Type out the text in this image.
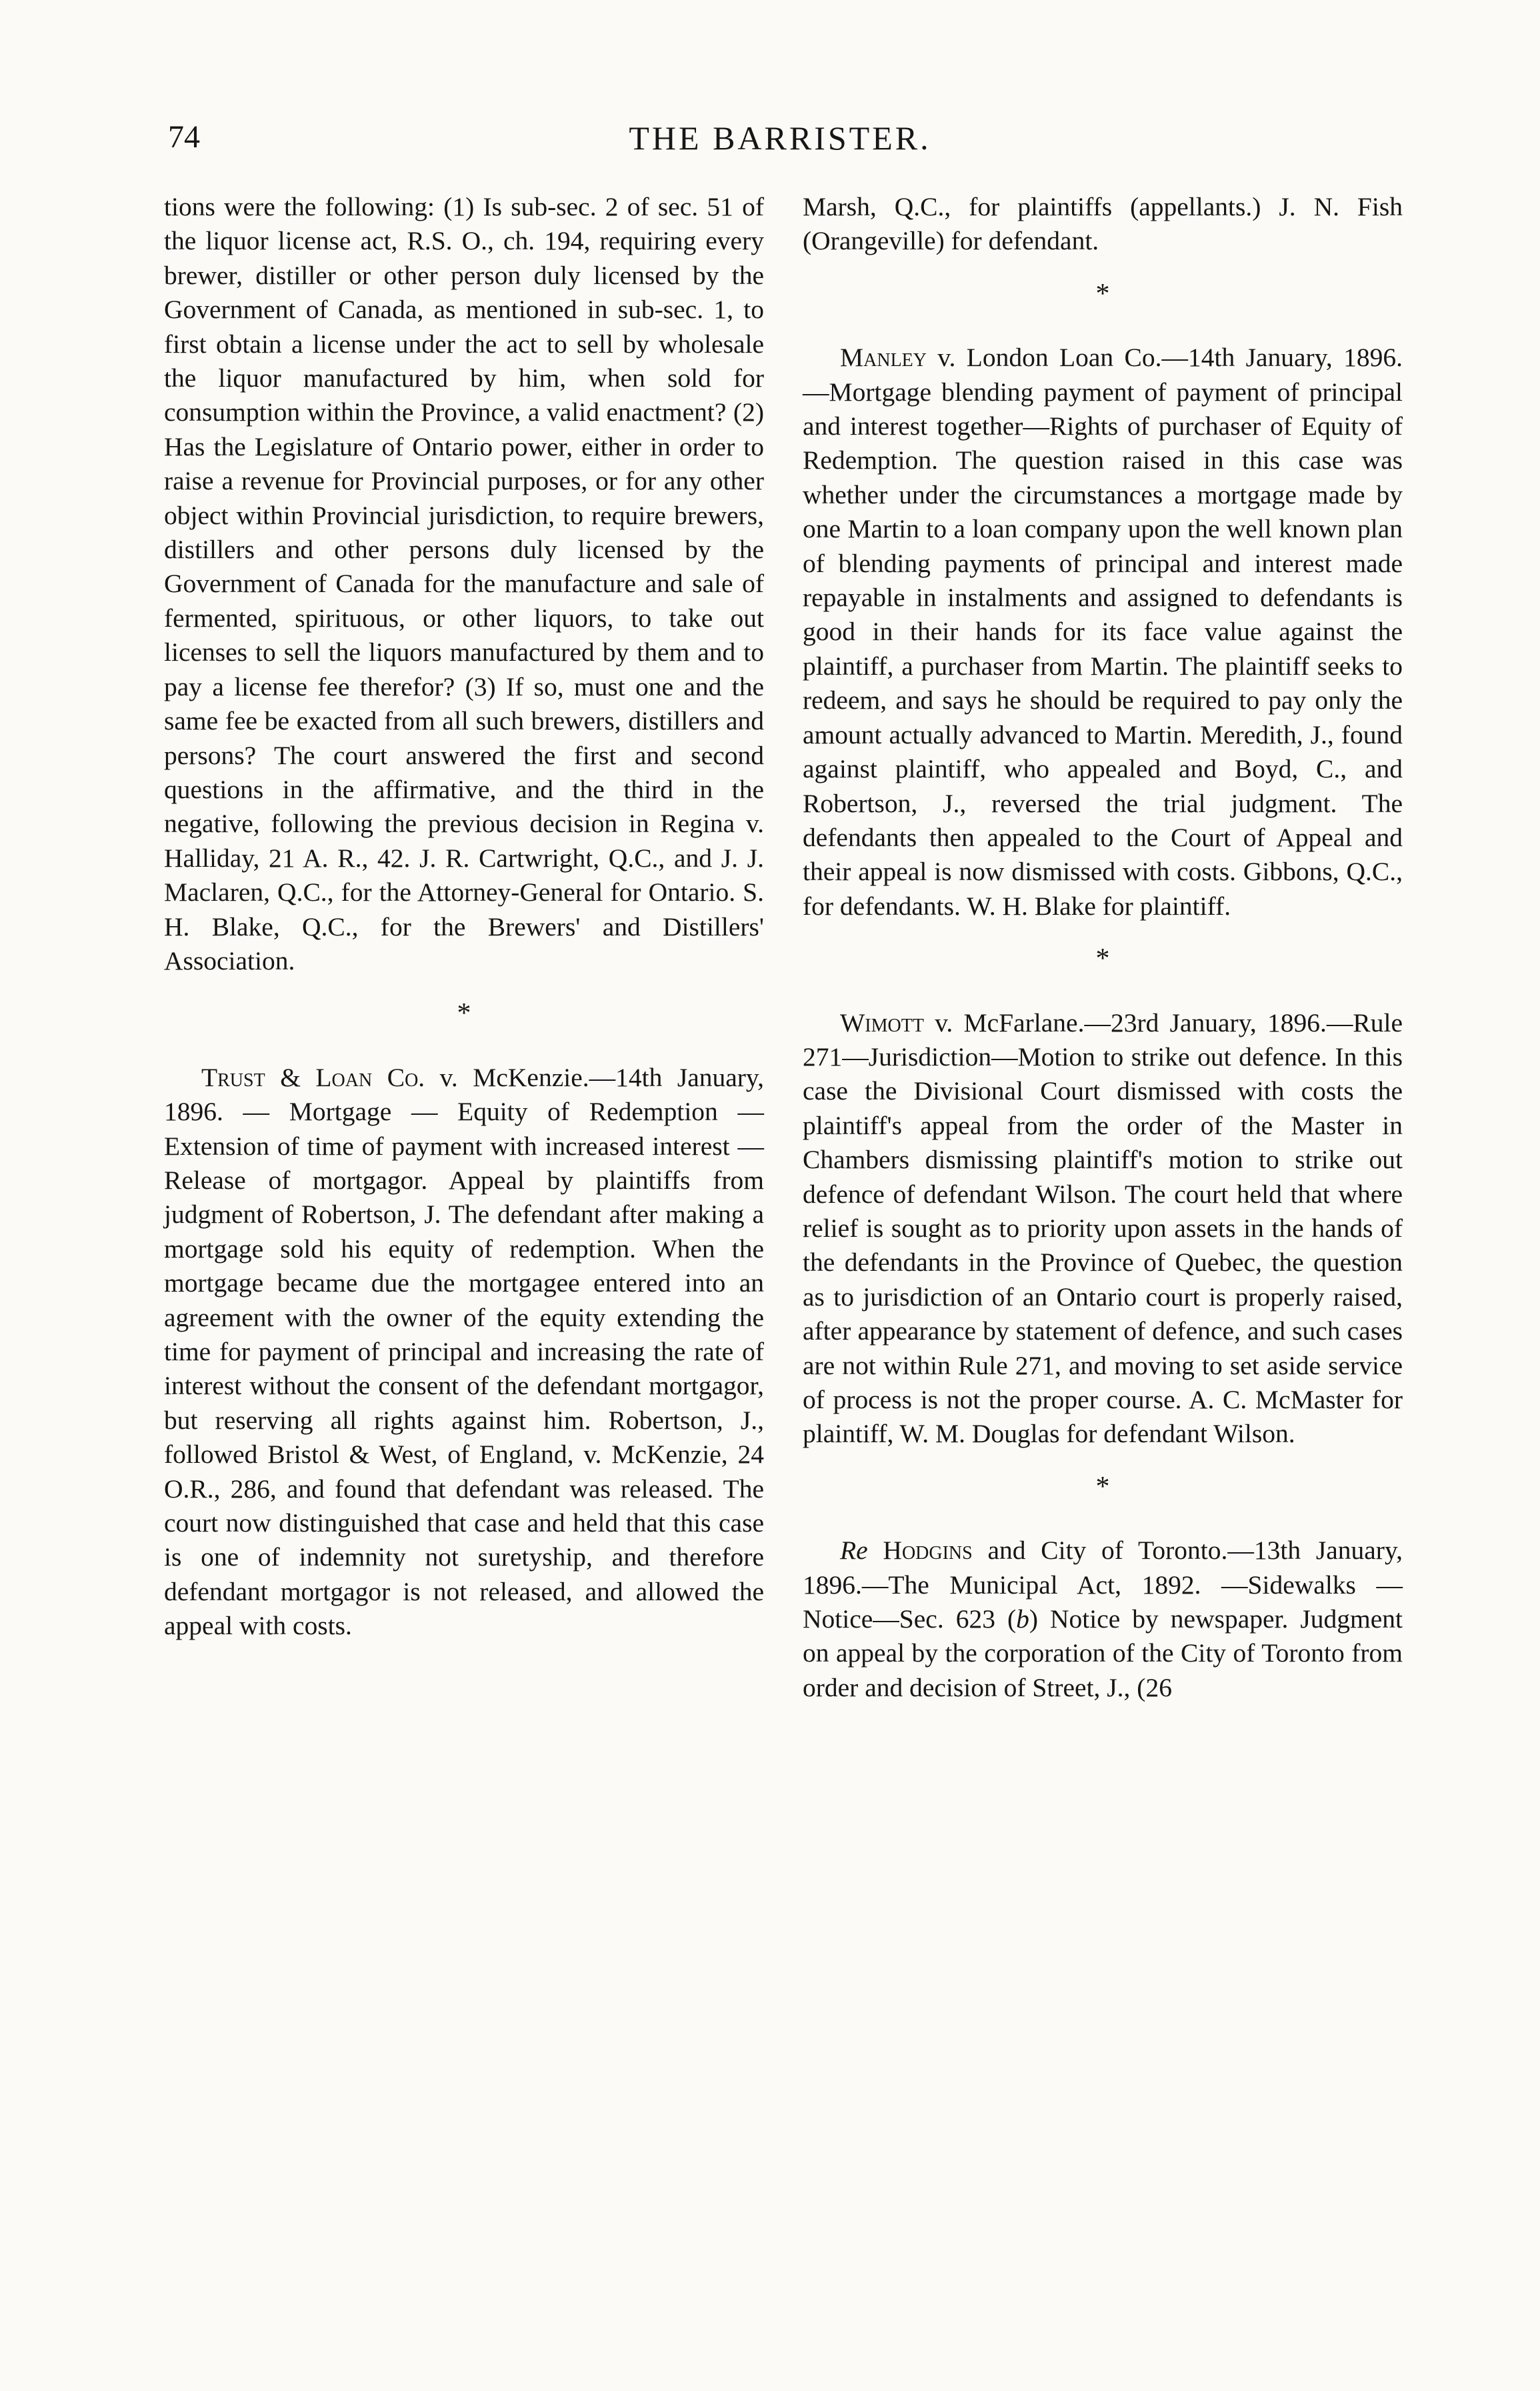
74	THE BARRISTER.

tions were the following: (1) Is sub-sec. 2 of sec. 51 of the liquor license act, R.S. O., ch. 194, requiring every brewer, distiller or other person duly licensed by the Government of Canada, as mentioned in sub-sec. 1, to first obtain a license under the act to sell by wholesale the liquor manufactured by him, when sold for consumption within the Province, a valid enactment? (2) Has the Legislature of Ontario power, either in order to raise a revenue for Provincial purposes, or for any other object within Provincial jurisdiction, to require brewers, distillers and other persons duly licensed by the Government of Canada for the manufacture and sale of fermented, spirituous, or other liquors, to take out licenses to sell the liquors manufactured by them and to pay a license fee therefor? (3) If so, must one and the same fee be exacted from all such brewers, distillers and persons? The court answered the first and second questions in the affirmative, and the third in the negative, following the previous decision in Regina v. Halliday, 21 A. R., 42. J. R. Cartwright, Q.C., and J. J. Maclaren, Q.C., for the Attorney-General for Ontario. S. H. Blake, Q.C., for the Brewers' and Distillers' Association.

*

Trust & Loan Co. v. McKenzie.—14th January, 1896. — Mortgage — Equity of Redemption — Extension of time of payment with increased interest — Release of mortgagor. Appeal by plaintiffs from judgment of Robertson, J. The defendant after making a mortgage sold his equity of redemption. When the mortgage became due the mortgagee entered into an agreement with the owner of the equity extending the time for payment of principal and increasing the rate of interest without the consent of the defendant mortgagor, but reserving all rights against him. Robertson, J., followed Bristol & West, of England, v. McKenzie, 24 O.R., 286, and found that defendant was released. The court now distinguished that case and held that this case is one of indemnity not suretyship, and therefore defendant mortgagor is not released, and allowed the appeal with costs.

Marsh, Q.C., for plaintiffs (appellants.) J. N. Fish (Orangeville) for defendant.

*

Manley v. London Loan Co.—14th January, 1896.—Mortgage blending payment of payment of principal and interest together—Rights of purchaser of Equity of Redemption. The question raised in this case was whether under the circumstances a mortgage made by one Martin to a loan company upon the well known plan of blending payments of principal and interest made repayable in instalments and assigned to defendants is good in their hands for its face value against the plaintiff, a purchaser from Martin. The plaintiff seeks to redeem, and says he should be required to pay only the amount actually advanced to Martin. Meredith, J., found against plaintiff, who appealed and Boyd, C., and Robertson, J., reversed the trial judgment. The defendants then appealed to the Court of Appeal and their appeal is now dismissed with costs. Gibbons, Q.C., for defendants. W. H. Blake for plaintiff.

*

Wimott v. McFarlane.—23rd January, 1896.—Rule 271—Jurisdiction—Motion to strike out defence. In this case the Divisional Court dismissed with costs the plaintiff's appeal from the order of the Master in Chambers dismissing plaintiff's motion to strike out defence of defendant Wilson. The court held that where relief is sought as to priority upon assets in the hands of the defendants in the Province of Quebec, the question as to jurisdiction of an Ontario court is properly raised, after appearance by statement of defence, and such cases are not within Rule 271, and moving to set aside service of process is not the proper course. A. C. McMaster for plaintiff, W. M. Douglas for defendant Wilson.

*

Re Hodgins and City of Toronto.—13th January, 1896.—The Municipal Act, 1892. —Sidewalks —Notice—Sec. 623 (b) Notice by newspaper. Judgment on appeal by the corporation of the City of Toronto from order and decision of Street, J., (26
